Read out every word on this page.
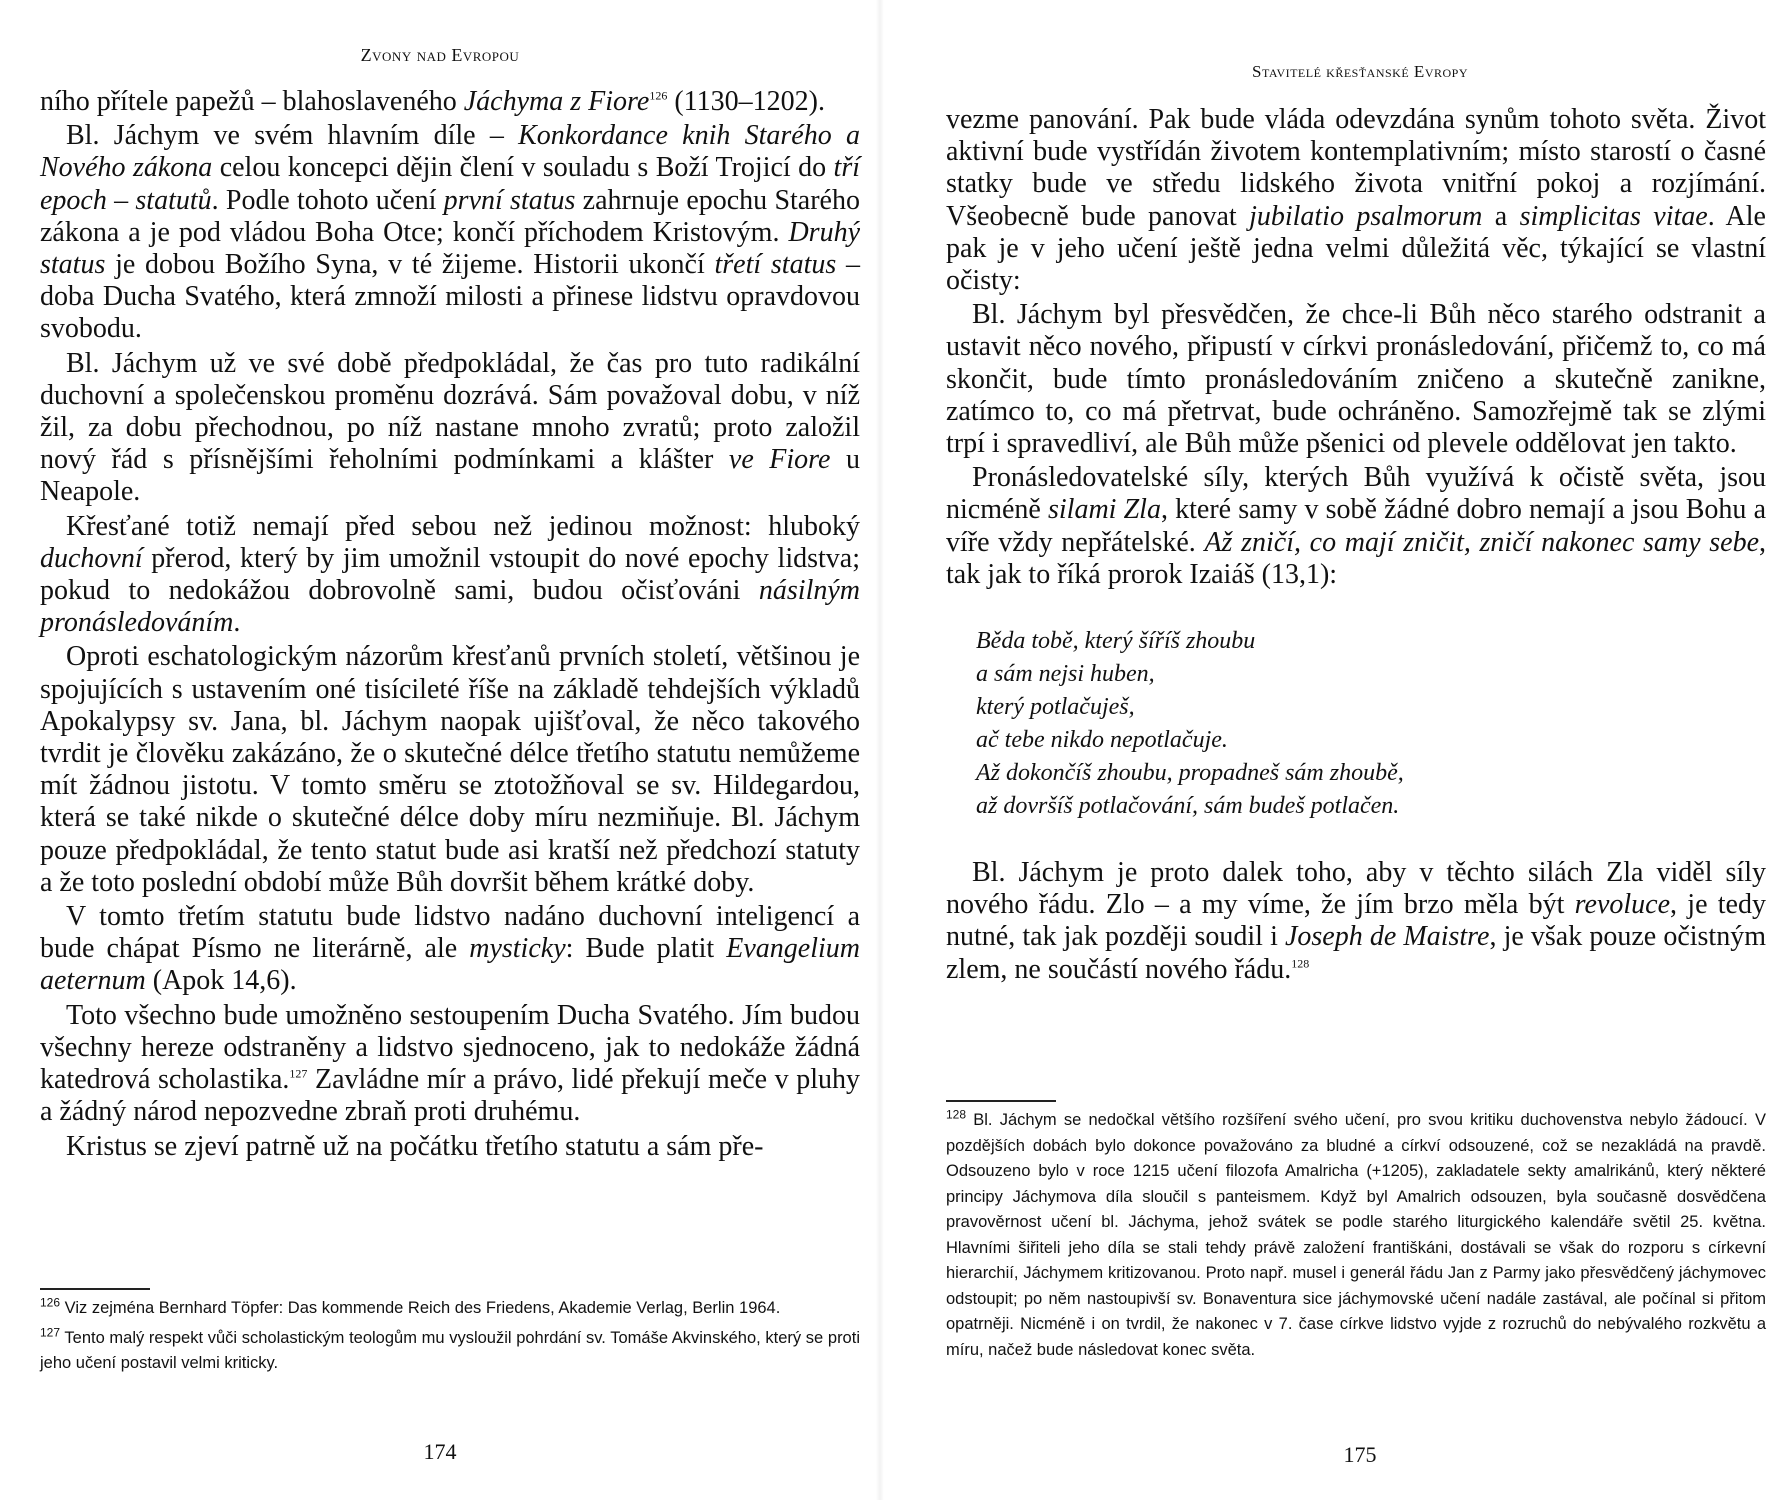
Zvony nad Evropou

ního přítele papežů – blahoslaveného Jáchyma z Fiore$^{126}$ (1130–1202).

Bl. Jáchym ve svém hlavním díle – Konkordance knih Starého a Nového zákona celou koncepci dějin člení v souladu s Boží Trojicí do tří epoch – statutů. Podle tohoto učení první status zahrnuje epochu Starého zákona a je pod vládou Boha Otce; končí příchodem Kristovým. Druhý status je dobou Božího Syna, v té žijeme. Historii ukončí třetí status – doba Ducha Svatého, která zmnoží milosti a přinese lidstvu opravdovou svobodu.

Bl. Jáchym už ve své době předpokládal, že čas pro tuto radikální duchovní a společenskou proměnu dozrává. Sám považoval dobu, v níž žil, za dobu přechodnou, po níž nastane mnoho zvratů; proto založil nový řád s přísnějšími řeholními podmínkami a klášter ve Fiore u Neapole.

Křesťané totiž nemají před sebou než jedinou možnost: hluboký duchovní přerod, který by jim umožnil vstoupit do nové epochy lidstva; pokud to nedokážou dobrovolně sami, budou očisťováni násilným pronásledováním.

Oproti eschatologickým názorům křesťanů prvních století, většinou je spojujících s ustavením oné tisícileté říše na základě tehdejších výkladů Apokalypsy sv. Jana, bl. Jáchym naopak ujišťoval, že něco takového tvrdit je člověku zakázáno, že o skutečné délce třetího statutu nemůžeme mít žádnou jistotu. V tomto směru se ztotožňoval se sv. Hildegardou, která se také nikde o skutečné délce doby míru nezmiňuje. Bl. Jáchym pouze předpokládal, že tento statut bude asi kratší než předchozí statuty a že toto poslední období může Bůh dovršit během krátké doby.

V tomto třetím statutu bude lidstvo nadáno duchovní inteligencí a bude chápat Písmo ne literárně, ale mysticky: Bude platit Evangelium aeternum (Apok 14,6).

Toto všechno bude umožněno sestoupením Ducha Svatého. Jím budou všechny hereze odstraněny a lidstvo sjednoceno, jak to nedokáže žádná katedrová scholastika.$^{127}$ Zavládne mír a právo, lidé překují meče v pluhy a žádný národ nepozvedne zbraň proti druhému.

Kristus se zjeví patrně už na počátku třetího statutu a sám pře-

$^{126}$ Viz zejména Bernhard Töpfer: Das kommende Reich des Friedens, Akademie Verlag, Berlin 1964.

$^{127}$ Tento malý respekt vůči scholastickým teologům mu vysloužil pohrdání sv. Tomáše Akvinského, který se proti jeho učení postavil velmi kriticky.

174
Stavitelé křesťanské Evropy

vezme panování. Pak bude vláda odevzdána synům tohoto světa. Život aktivní bude vystřídán životem kontemplativním; místo starostí o časné statky bude ve středu lidského života vnitřní pokoj a rozjímání. Všeobecně bude panovat jubilatio psalmorum a simplicitas vitae. Ale pak je v jeho učení ještě jedna velmi důležitá věc, týkající se vlastní očisty:

Bl. Jáchym byl přesvědčen, že chce-li Bůh něco starého odstranit a ustavit něco nového, připustí v církvi pronásledování, přičemž to, co má skončit, bude tímto pronásledováním zničeno a skutečně zanikne, zatímco to, co má přetrvat, bude ochráněno. Samozřejmě tak se zlými trpí i spravedliví, ale Bůh může pšenici od plevele oddělovat jen takto.

Pronásledovatelské síly, kterých Bůh využívá k očistě světa, jsou nicméně silami Zla, které samy v sobě žádné dobro nemají a jsou Bohu a víře vždy nepřátelské. Až zničí, co mají zničit, zničí nakonec samy sebe, tak jak to říká prorok Izaiáš (13,1):

Běda tobě, který šíříš zhoubu
a sám nejsi huben,
který potlačuješ,
ač tebe nikdo nepotlačuje.
Až dokončíš zhoubu, propadneš sám zhoubě,
až dovršíš potlačování, sám budeš potlačen.

Bl. Jáchym je proto dalek toho, aby v těchto silách Zla viděl síly nového řádu. Zlo – a my víme, že jím brzo měla být revoluce, je tedy nutné, tak jak později soudil i Joseph de Maistre, je však pouze očistným zlem, ne součástí nového řádu.$^{128}$

$^{128}$ Bl. Jáchym se nedočkal většího rozšíření svého učení, pro svou kritiku duchovenstva nebylo žádoucí. V pozdějších dobách bylo dokonce považováno za bludné a církví odsouzené, což se nezakládá na pravdě. Odsouzeno bylo v roce 1215 učení filozofa Amalricha (+1205), zakladatele sekty amalrikánů, který některé principy Jáchymova díla sloučil s panteismem. Když byl Amalrich odsouzen, byla současně dosvědčena pravověrnost učení bl. Jáchyma, jehož svátek se podle starého liturgického kalendáře světil 25. května. Hlavními šiřiteli jeho díla se stali tehdy právě založení františkáni, dostávali se však do rozporu s církevní hierarchií, Jáchymem kritizovanou. Proto např. musel i generál řádu Jan z Parmy jako přesvědčený jáchymovec odstoupit; po něm nastoupivší sv. Bonaventura sice jáchymovské učení nadále zastával, ale počínal si přitom opatrněji. Nicméně i on tvrdil, že nakonec v 7. čase církve lidstvo vyjde z rozruchů do nebývalého rozkvětu a míru, načež bude následovat konec světa.

175
